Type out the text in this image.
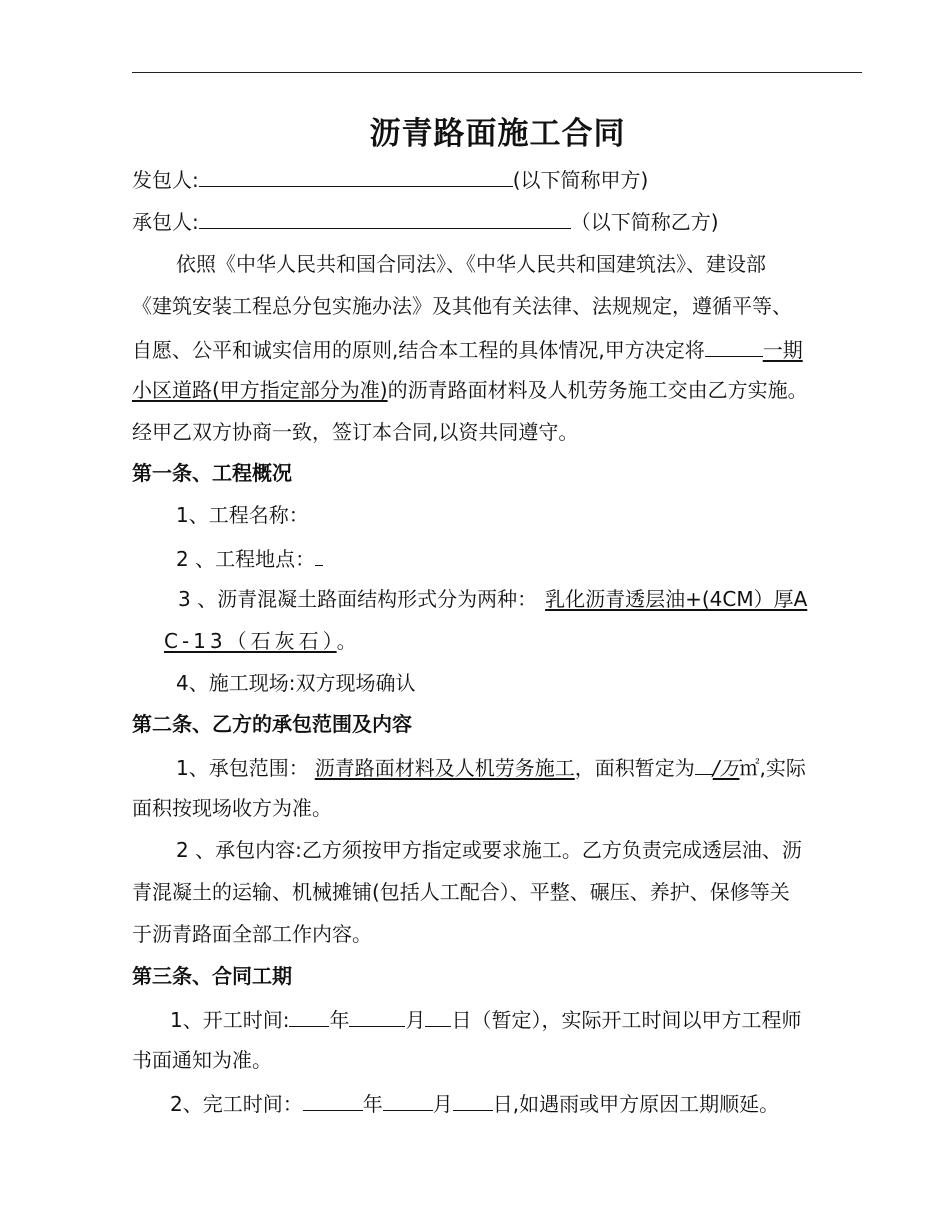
沥青路面施工合同
发包人:	(以下简称甲方)
承包人:	（以下简称乙方)
依照《中华人民共和国合同法》、《中华人民共和国建筑法》、建设部
《建筑安装工程总分包实施办法》及其他有关法律、法规规定，遵循平等、
自愿、公平和诚实信用的原则,结合本工程的具体情况,甲方决定将	一期
小区道路(甲方指定部分为准)的沥青路面材料及人机劳务施工交由乙方实施。
经甲乙双方协商一致，签订本合同,以资共同遵守。
第一条、工程概况
1、工程名称：
2 、工程地点：
3 、沥青混凝土路面结构形式分为两种： 乳化沥青透层油+(4CM）厚A
C-13（石灰石）。
4、施工现场:双方现场确认
第二条、乙方的承包范围及内容
1、承包范围： 沥青路面材料及人机劳务施工，面积暂定为 /万㎡,实际
面积按现场收方为准。
2 、承包内容:乙方须按甲方指定或要求施工。乙方负责完成透层油、沥
青混凝土的运输、机械摊铺(包括人工配合）、平整、碾压、养护、保修等关
于沥青路面全部工作内容。
第三条、合同工期
1、开工时间: 年	月 日（暂定），实际开工时间以甲方工程师
书面通知为准。
2、完工时间：	年	月 日,如遇雨或甲方原因工期顺延。
